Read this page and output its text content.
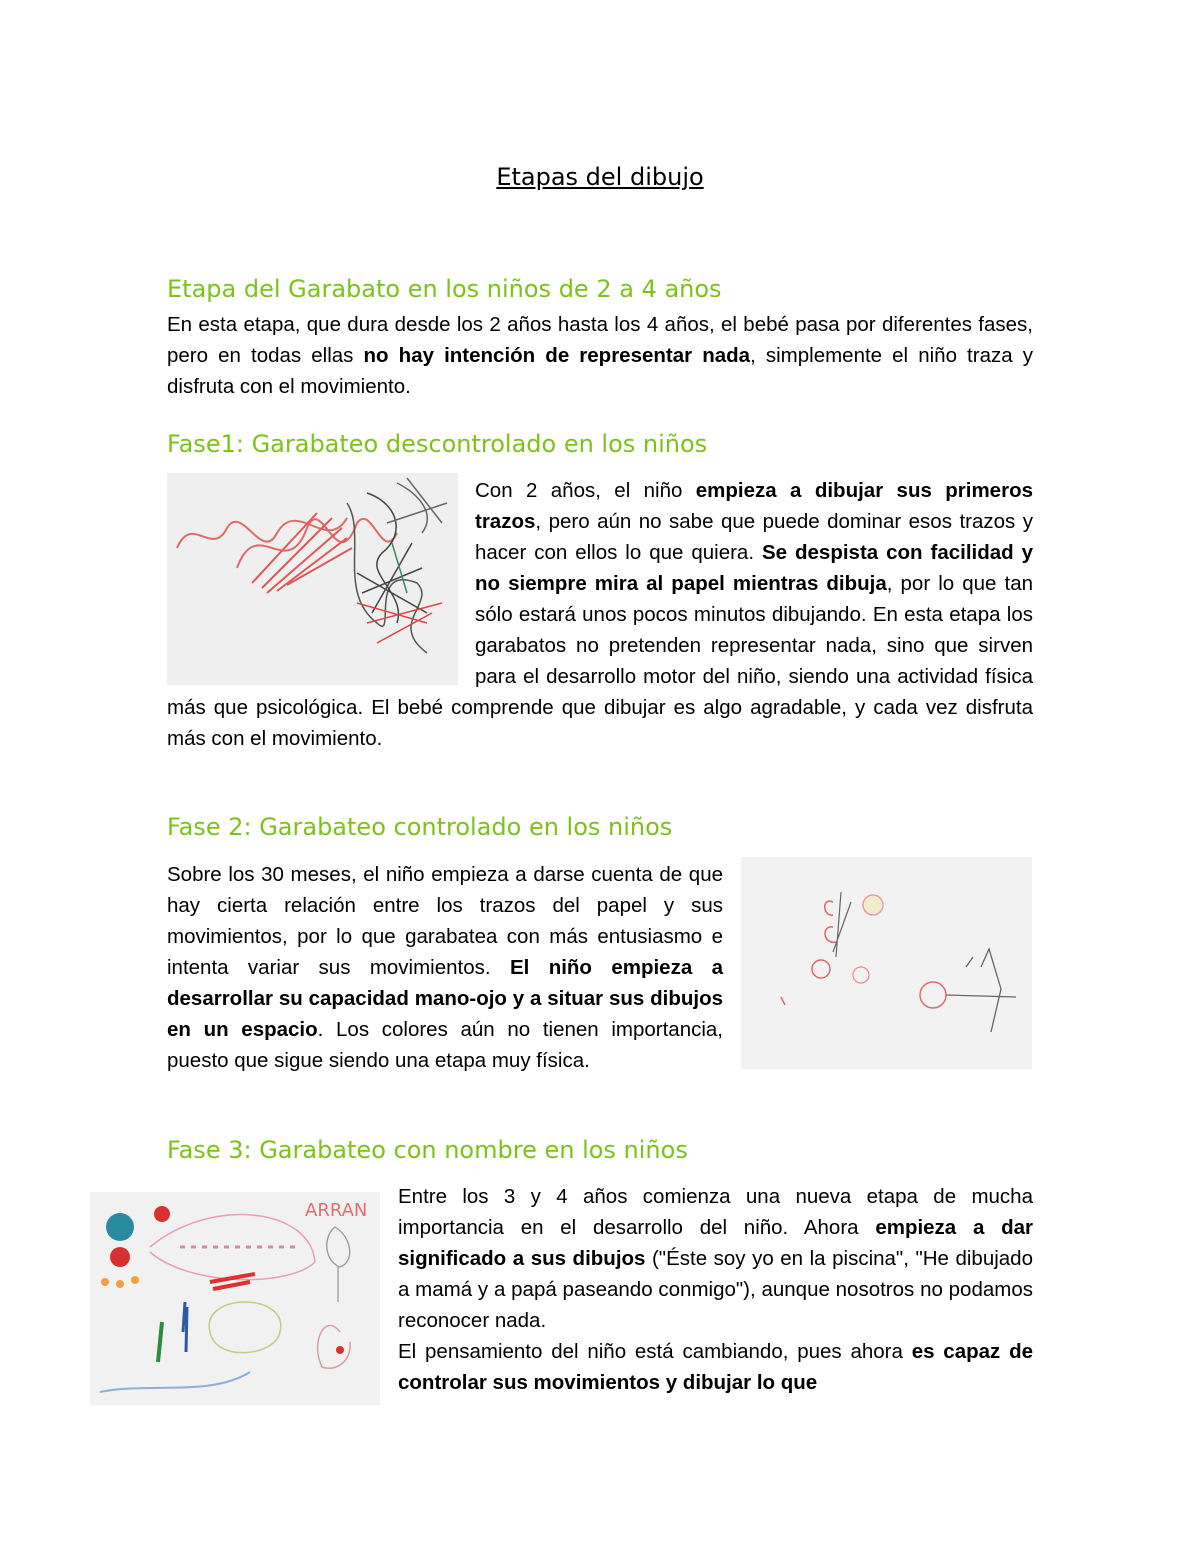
Etapas del dibujo
Etapa del Garabato en los niños de 2 a 4 años

En esta etapa, que dura desde los 2 años hasta los 4 años, el bebé pasa por diferentes fases, pero en todas ellas no hay intención de representar nada, simplemente el niño traza y disfruta con el movimiento.

Fase1: Garabateo descontrolado en los niños

Con 2 años, el niño empieza a dibujar sus primeros trazos, pero aún no sabe que puede dominar esos trazos y hacer con ellos lo que quiera. Se despista con facilidad y no siempre mira al papel mientras dibuja, por lo que tan sólo estará unos pocos minutos dibujando. En esta etapa los garabatos no pretenden representar nada, sino que sirven para el desarrollo motor del niño, siendo una actividad física más que psicológica. El bebé comprende que dibujar es algo agradable, y cada vez disfruta más con el movimiento.

Fase 2: Garabateo controlado en los niños

Sobre los 30 meses, el niño empieza a darse cuenta de que hay cierta relación entre los trazos del papel y sus movimientos, por lo que garabatea con más entusiasmo e intenta variar sus movimientos. El niño empieza a desarrollar su capacidad mano-ojo y a situar sus dibujos en un espacio. Los colores aún no tienen importancia, puesto que sigue siendo una etapa muy física.

Fase 3: Garabateo con nombre en los niños
ARRAN

Entre los 3 y 4 años comienza una nueva etapa de mucha importancia en el desarrollo del niño. Ahora empieza a dar significado a sus dibujos ("Éste soy yo en la piscina", "He dibujado a mamá y a papá paseando conmigo"), aunque nosotros no podamos reconocer nada.

El pensamiento del niño está cambiando, pues ahora es capaz de controlar sus movimientos y dibujar lo que
